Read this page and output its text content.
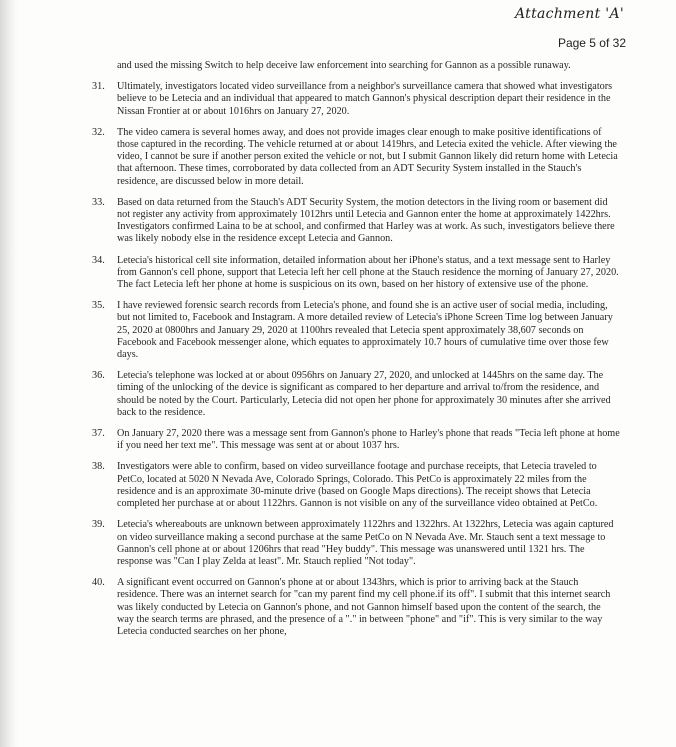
Attachment 'A'
Page 5 of 32

and used the missing Switch to help deceive law enforcement into searching for Gannon as a possible runaway.

31. Ultimately, investigators located video surveillance from a neighbor's surveillance camera that showed what investigators believe to be Letecia and an individual that appeared to match Gannon's physical description depart their residence in the Nissan Frontier at or about 1016hrs on January 27, 2020.
32. The video camera is several homes away, and does not provide images clear enough to make positive identifications of those captured in the recording. The vehicle returned at or about 1419hrs, and Letecia exited the vehicle. After viewing the video, I cannot be sure if another person exited the vehicle or not, but I submit Gannon likely did return home with Letecia that afternoon. These times, corroborated by data collected from an ADT Security System installed in the Stauch's residence, are discussed below in more detail.
33. Based on data returned from the Stauch's ADT Security System, the motion detectors in the living room or basement did not register any activity from approximately 1012hrs until Letecia and Gannon enter the home at approximately 1422hrs. Investigators confirmed Laina to be at school, and confirmed that Harley was at work. As such, investigators believe there was likely nobody else in the residence except Letecia and Gannon.
34. Letecia's historical cell site information, detailed information about her iPhone's status, and a text message sent to Harley from Gannon's cell phone, support that Letecia left her cell phone at the Stauch residence the morning of January 27, 2020. The fact Letecia left her phone at home is suspicious on its own, based on her history of extensive use of the phone.
35. I have reviewed forensic search records from Letecia's phone, and found she is an active user of social media, including, but not limited to, Facebook and Instagram. A more detailed review of Letecia's iPhone Screen Time log between January 25, 2020 at 0800hrs and January 29, 2020 at 1100hrs revealed that Letecia spent approximately 38,607 seconds on Facebook and Facebook messenger alone, which equates to approximately 10.7 hours of cumulative time over those few days.
36. Letecia's telephone was locked at or about 0956hrs on January 27, 2020, and unlocked at 1445hrs on the same day. The timing of the unlocking of the device is significant as compared to her departure and arrival to/from the residence, and should be noted by the Court. Particularly, Letecia did not open her phone for approximately 30 minutes after she arrived back to the residence.
37. On January 27, 2020 there was a message sent from Gannon's phone to Harley's phone that reads "Tecia left phone at home if you need her text me". This message was sent at or about 1037 hrs.
38. Investigators were able to confirm, based on video surveillance footage and purchase receipts, that Letecia traveled to PetCo, located at 5020 N Nevada Ave, Colorado Springs, Colorado. This PetCo is approximately 22 miles from the residence and is an approximate 30-minute drive (based on Google Maps directions). The receipt shows that Letecia completed her purchase at or about 1122hrs. Gannon is not visible on any of the surveillance video obtained at PetCo.
39. Letecia's whereabouts are unknown between approximately 1122hrs and 1322hrs. At 1322hrs, Letecia was again captured on video surveillance making a second purchase at the same PetCo on N Nevada Ave. Mr. Stauch sent a text message to Gannon's cell phone at or about 1206hrs that read "Hey buddy". This message was unanswered until 1321 hrs. The response was "Can I play Zelda at least". Mr. Stauch replied "Not today".
40. A significant event occurred on Gannon's phone at or about 1343hrs, which is prior to arriving back at the Stauch residence. There was an internet search for "can my parent find my cell phone.if its off". I submit that this internet search was likely conducted by Letecia on Gannon's phone, and not Gannon himself based upon the content of the search, the way the search terms are phrased, and the presence of a "." in between "phone" and "if". This is very similar to the way Letecia conducted searches on her phone,
